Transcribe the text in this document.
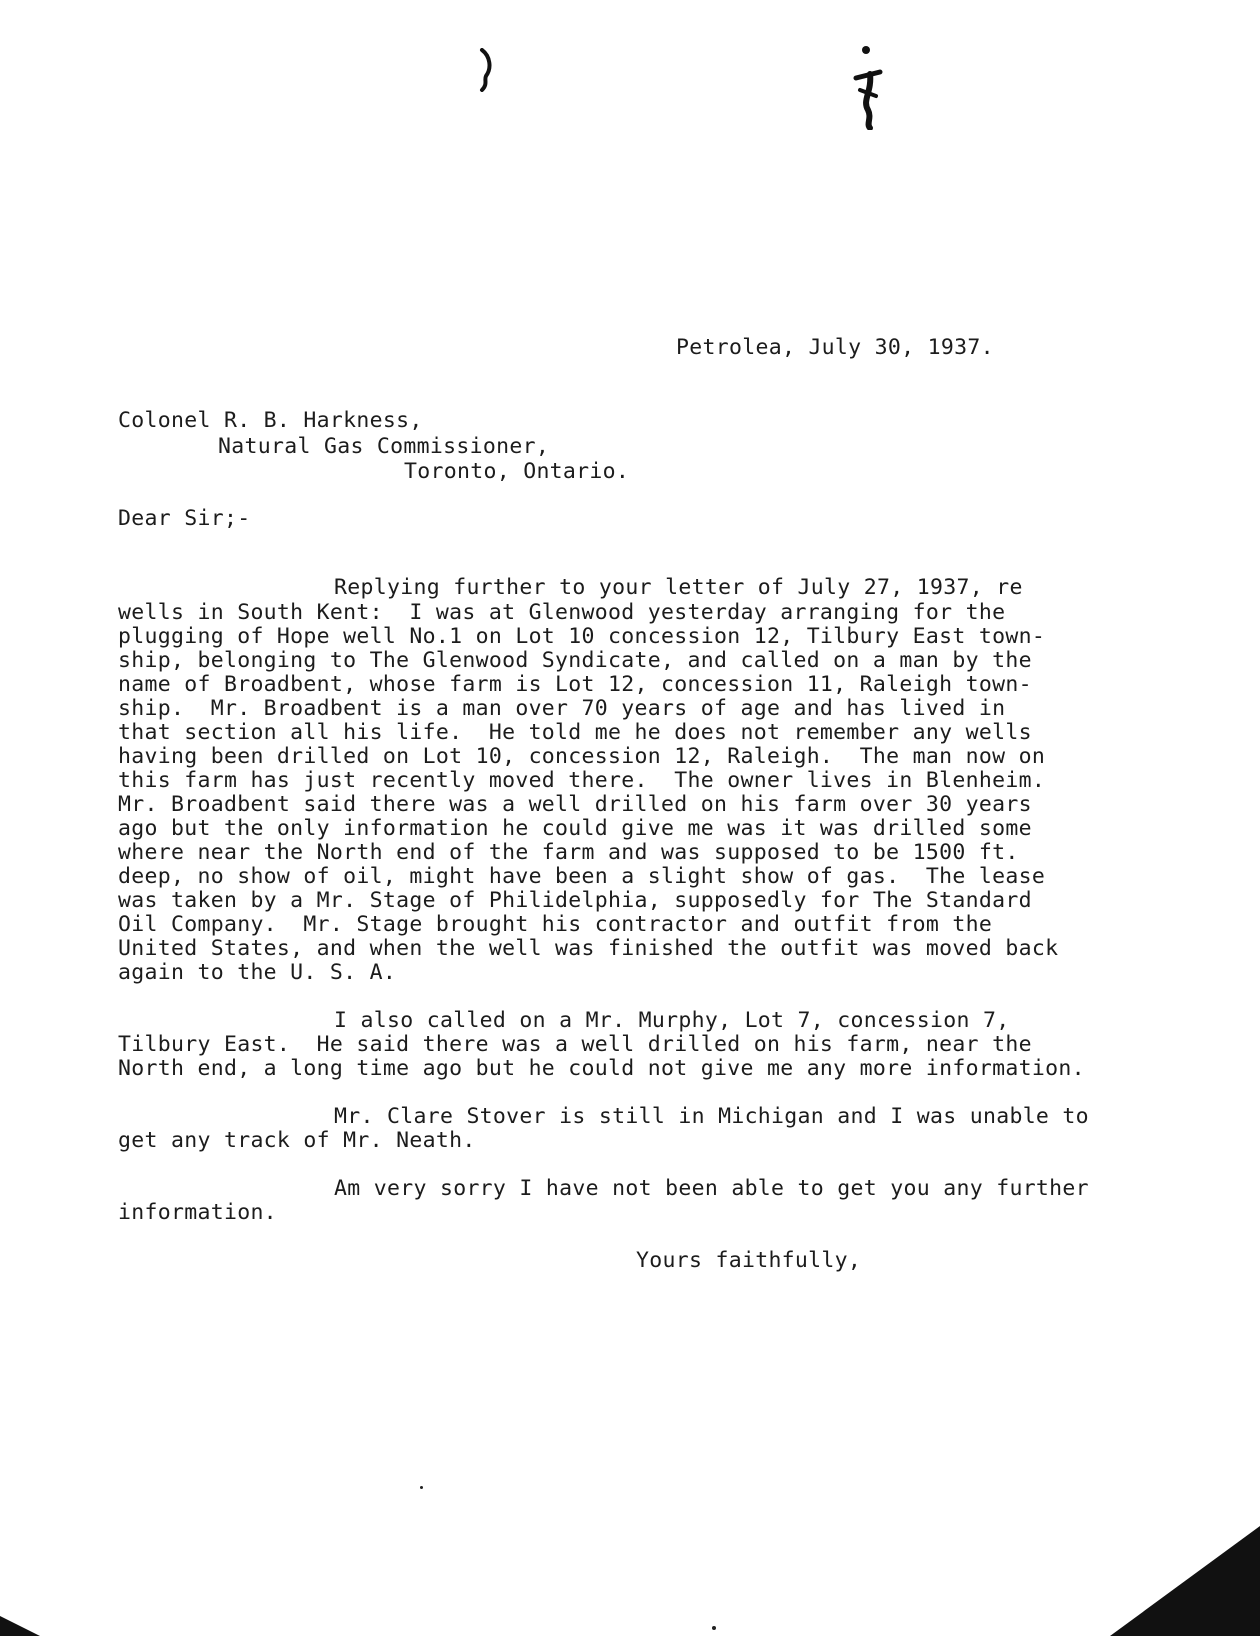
Petrolea, July 30, 1937.
Colonel R. B. Harkness,
Natural Gas Commissioner,
Toronto, Ontario.
Dear Sir;-
Replying further to your letter of July 27, 1937, re
wells in South Kent:  I was at Glenwood yesterday arranging for the
plugging of Hope well No.1 on Lot 10 concession 12, Tilbury East town-
ship, belonging to The Glenwood Syndicate, and called on a man by the
name of Broadbent, whose farm is Lot 12, concession 11, Raleigh town-
ship.  Mr. Broadbent is a man over 70 years of age and has lived in
that section all his life.  He told me he does not remember any wells
having been drilled on Lot 10, concession 12, Raleigh.  The man now on
this farm has just recently moved there.  The owner lives in Blenheim.
Mr. Broadbent said there was a well drilled on his farm over 30 years
ago but the only information he could give me was it was drilled some
where near the North end of the farm and was supposed to be 1500 ft.
deep, no show of oil, might have been a slight show of gas.  The lease
was taken by a Mr. Stage of Philidelphia, supposedly for The Standard
Oil Company.  Mr. Stage brought his contractor and outfit from the
United States, and when the well was finished the outfit was moved back
again to the U. S. A.
I also called on a Mr. Murphy, Lot 7, concession 7,
Tilbury East.  He said there was a well drilled on his farm, near the
North end, a long time ago but he could not give me any more information.
Mr. Clare Stover is still in Michigan and I was unable to
get any track of Mr. Neath.
Am very sorry I have not been able to get you any further
information.
Yours faithfully,
